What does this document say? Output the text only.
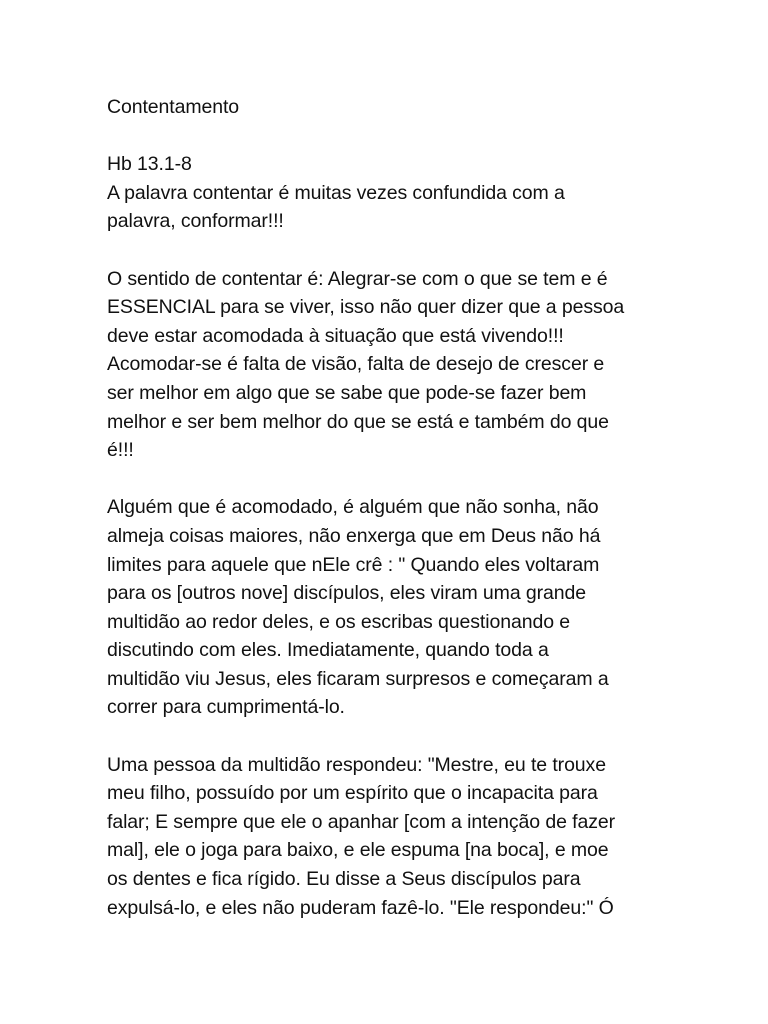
Contentamento
Hb 13.1-8

A palavra contentar é muitas vezes confundida com a
palavra, conformar!!!

O sentido de contentar é: Alegrar-se com o que se tem e é
ESSENCIAL para se viver, isso não quer dizer que a pessoa
deve estar acomodada à situação que está vivendo!!!
Acomodar-se é falta de visão, falta de desejo de crescer e
ser melhor em algo que se sabe que pode-se fazer bem
melhor e ser bem melhor do que se está e também do que
é!!!

Alguém que é acomodado, é alguém que não sonha, não
almeja coisas maiores, não enxerga que em Deus não há
limites para aquele que nEle crê : " Quando eles voltaram
para os [outros nove] discípulos, eles viram uma grande
multidão ao redor deles, e os escribas questionando e
discutindo com eles. Imediatamente, quando toda a
multidão viu Jesus, eles ficaram surpresos e começaram a
correr para cumprimentá-lo.

Uma pessoa da multidão respondeu: "Mestre, eu te trouxe
meu filho, possuído por um espírito que o incapacita para
falar; E sempre que ele o apanhar [com a intenção de fazer
mal], ele o joga para baixo, e ele espuma [na boca], e moe
os dentes e fica rígido. Eu disse a Seus discípulos para
expulsá-lo, e eles não puderam fazê-lo. "Ele respondeu:" Ó
